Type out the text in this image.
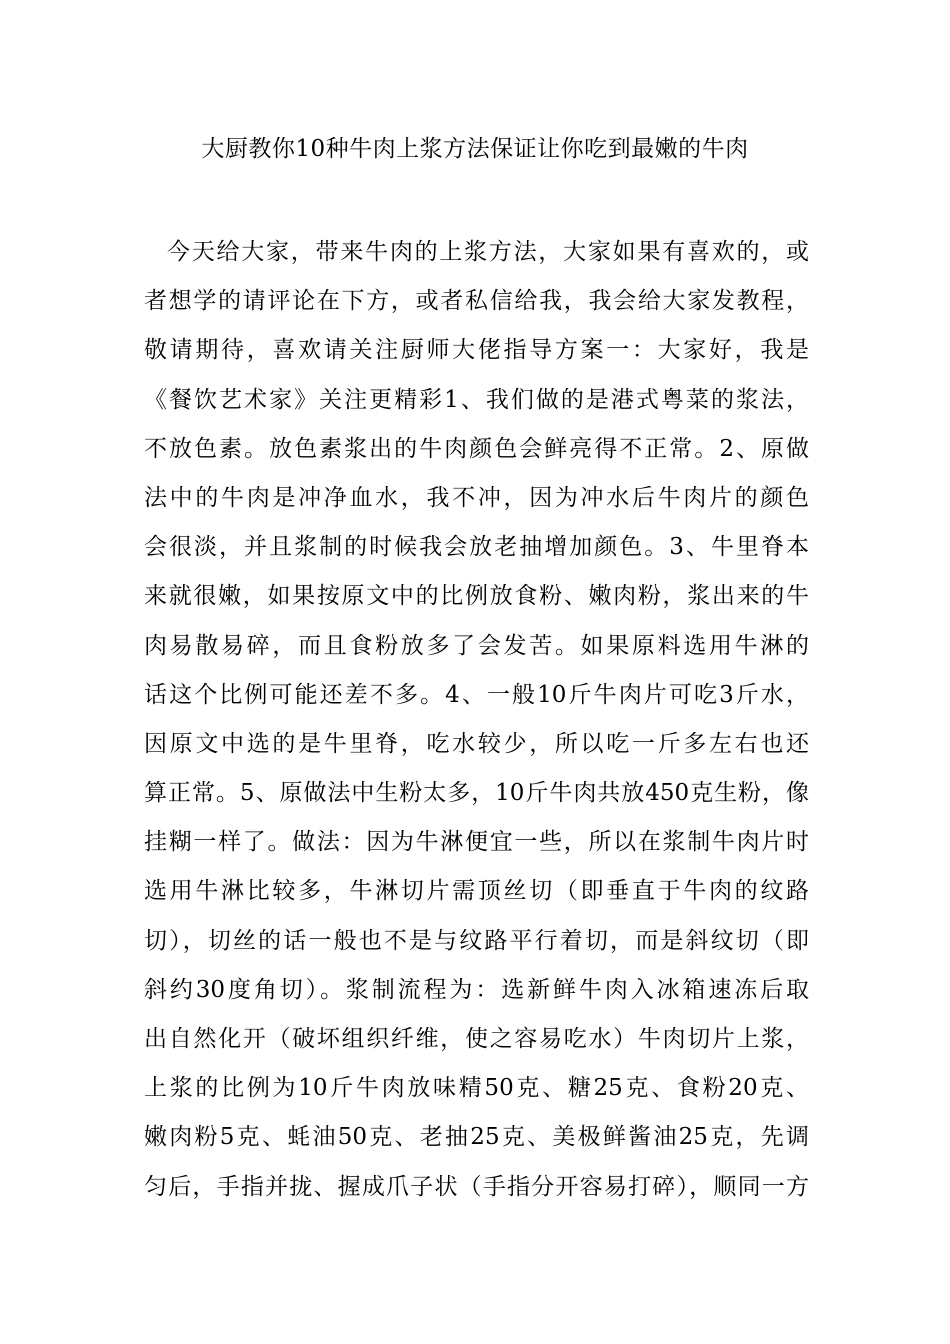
大厨教你10种牛肉上浆方法保证让你吃到最嫩的牛肉
今天给大家，带来牛肉的上浆方法，大家如果有喜欢的，或
者想学的请评论在下方，或者私信给我，我会给大家发教程，
敬请期待，喜欢请关注厨师大佬指导方案一：大家好，我是
《餐饮艺术家》关注更精彩1、我们做的是港式粤菜的浆法，
不放色素。放色素浆出的牛肉颜色会鲜亮得不正常。2、原做
法中的牛肉是冲净血水，我不冲，因为冲水后牛肉片的颜色
会很淡，并且浆制的时候我会放老抽增加颜色。3、牛里脊本
来就很嫩，如果按原文中的比例放食粉、嫩肉粉，浆出来的牛
肉易散易碎，而且食粉放多了会发苦。如果原料选用牛淋的
话这个比例可能还差不多。4、一般10斤牛肉片可吃3斤水，
因原文中选的是牛里脊，吃水较少，所以吃一斤多左右也还
算正常。5、原做法中生粉太多，10斤牛肉共放450克生粉，像
挂糊一样了。做法：因为牛淋便宜一些，所以在浆制牛肉片时
选用牛淋比较多，牛淋切片需顶丝切（即垂直于牛肉的纹路
切），切丝的话一般也不是与纹路平行着切，而是斜纹切（即
斜约30度角切）。浆制流程为：选新鲜牛肉入冰箱速冻后取
出自然化开（破坏组织纤维，使之容易吃水）牛肉切片上浆，
上浆的比例为10斤牛肉放味精50克、糖25克、食粉20克、
嫩肉粉5克、蚝油50克、老抽25克、美极鲜酱油25克，先调
匀后，手指并拢、握成爪子状（手指分开容易打碎），顺同一方
